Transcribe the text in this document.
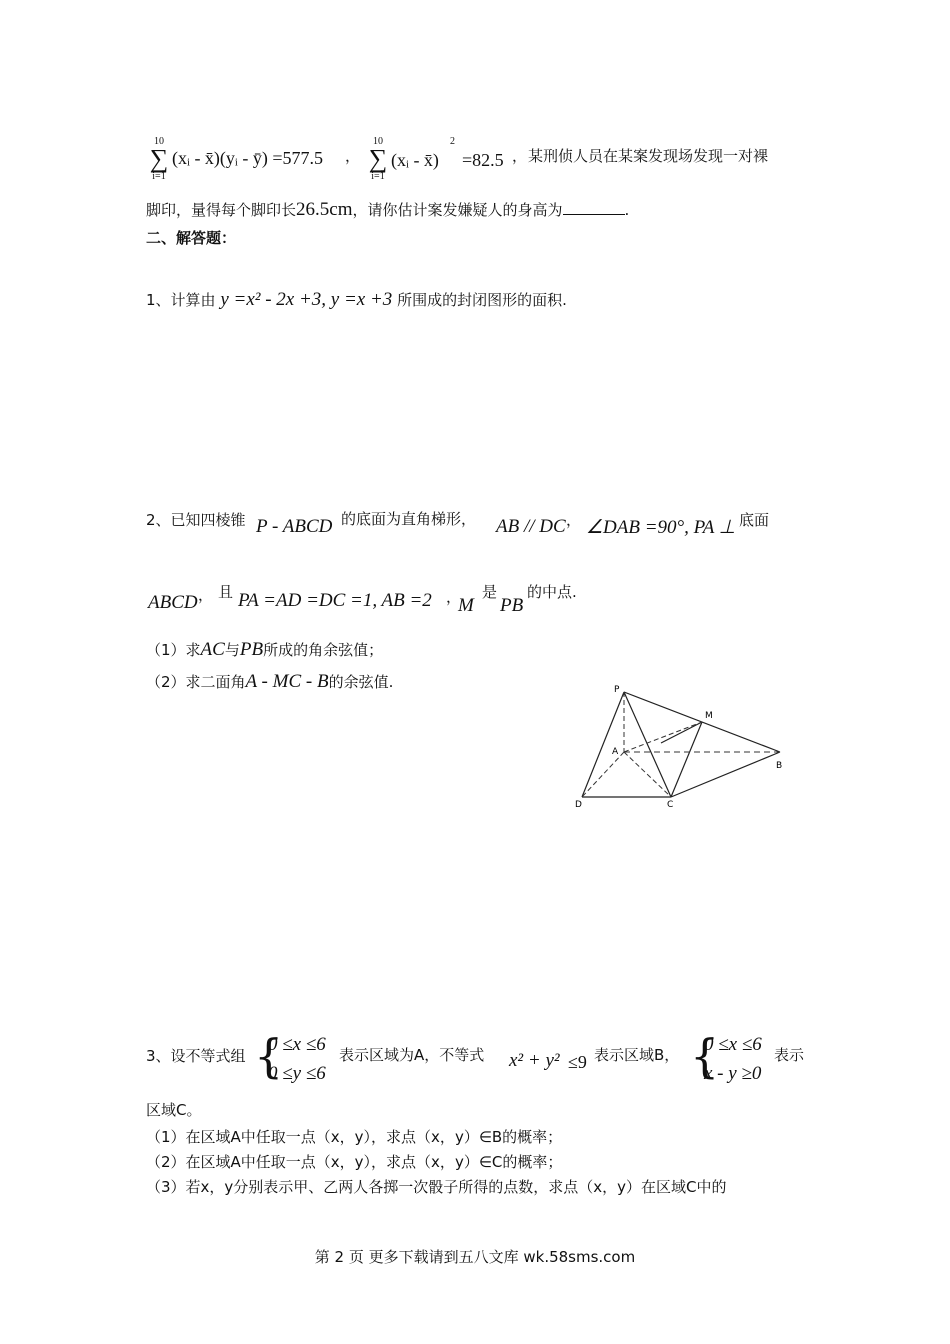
10
∑
i=1
(xᵢ - x̄)(yᵢ - ȳ) =577.5 ，
10
∑
i=1
(xᵢ - x̄)
2
=82.5 ， 某刑侦人员在某案发现场发现一对裸
脚印，量得每个脚印长26.5cm，请你估计案发嫌疑人的身高为	.
二、解答题：
1、计算由 y =x² - 2x +3, y =x +3 所围成的封闭图形的面积.
2、已知四棱锥 P - ABCD 的底面为直角梯形， AB // DC ， ∠DAB =90°, PA ⊥ 底面
ABCD ， 且 PA =AD =DC =1, AB =2 ，
M
是
PB
的中点.
（1）求AC与PB所成的角余弦值；
（2）求二面角A - MC - B的余弦值.	P
M
A
B
D	C
3、设不等式组 {
0 ≤x ≤6
0 ≤y ≤6
表示区域为A，不等式 x² + y² ≤9 表示区域B， {
0 ≤x ≤6
x - y ≥0
表示
区域C。
（1）在区域A中任取一点（x，y），求点（x，y）∈B的概率；
（2）在区域A中任取一点（x，y），求点（x，y）∈C的概率；
（3）若x，y分别表示甲、乙两人各掷一次骰子所得的点数，求点（x，y）在区域C中的
第 2 页 更多下载请到五八文库 wk.58sms.com
